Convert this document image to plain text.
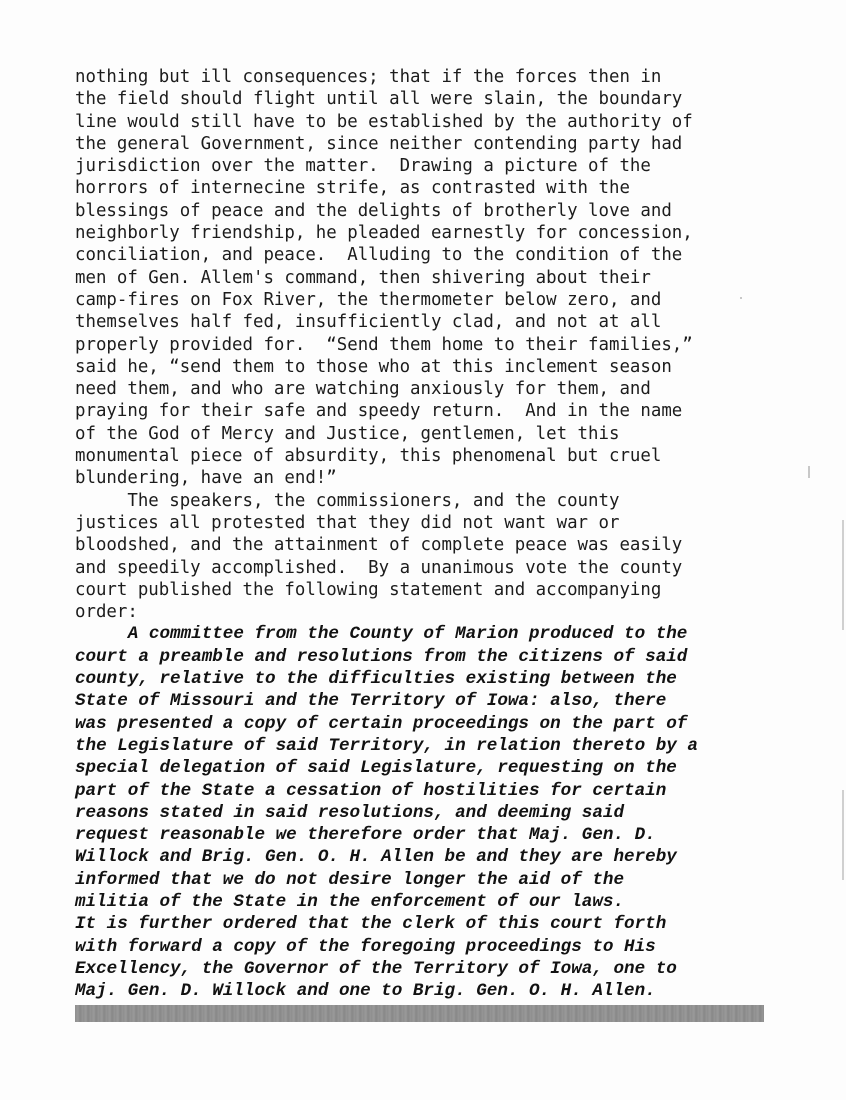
nothing but ill consequences; that if the forces then in
the field should flight until all were slain, the boundary
line would still have to be established by the authority of
the general Government, since neither contending party had
jurisdiction over the matter.  Drawing a picture of the
horrors of internecine strife, as contrasted with the
blessings of peace and the delights of brotherly love and
neighborly friendship, he pleaded earnestly for concession,
conciliation, and peace.  Alluding to the condition of the
men of Gen. Allem's command, then shivering about their
camp-fires on Fox River, the thermometer below zero, and
themselves half fed, insufficiently clad, and not at all
properly provided for.  “Send them home to their families,”
said he, “send them to those who at this inclement season
need them, and who are watching anxiously for them, and
praying for their safe and speedy return.  And in the name
of the God of Mercy and Justice, gentlemen, let this
monumental piece of absurdity, this phenomenal but cruel
blundering, have an end!”
The speakers, the commissioners, and the county
justices all protested that they did not want war or
bloodshed, and the attainment of complete peace was easily
and speedily accomplished.  By a unanimous vote the county
court published the following statement and accompanying
order:
A committee from the County of Marion produced to the
court a preamble and resolutions from the citizens of said
county, relative to the difficulties existing between the
State of Missouri and the Territory of Iowa: also, there
was presented a copy of certain proceedings on the part of
the Legislature of said Territory, in relation thereto by a
special delegation of said Legislature, requesting on the
part of the State a cessation of hostilities for certain
reasons stated in said resolutions, and deeming said
request reasonable we therefore order that Maj. Gen. D.
Willock and Brig. Gen. O. H. Allen be and they are hereby
informed that we do not desire longer the aid of the
militia of the State in the enforcement of our laws.
It is further ordered that the clerk of this court forth
with forward a copy of the foregoing proceedings to His
Excellency, the Governor of the Territory of Iowa, one to
Maj. Gen. D. Willock and one to Brig. Gen. O. H. Allen.
